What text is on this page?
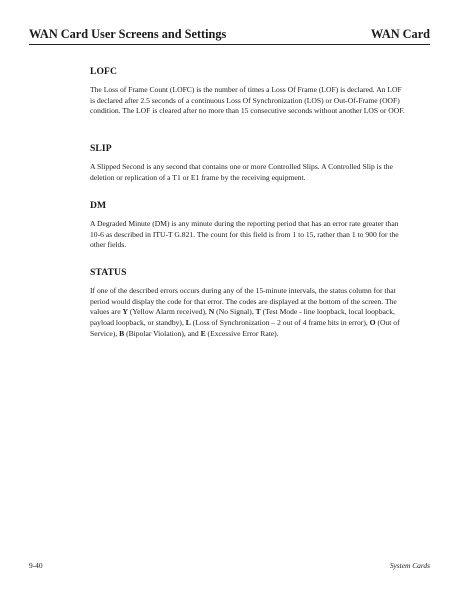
WAN Card User Screens and Settings	WAN Card
LOFC

The Loss of Frame Count (LOFC) is the number of times a Loss Of Frame (LOF) is declared. An LOF is declared after 2.5 seconds of a continuous Loss Of Synchronization (LOS) or Out-Of-Frame (OOF) condition. The LOF is cleared after no more than 15 consecutive seconds without another LOS or OOF.

SLIP

A Slipped Second is any second that contains one or more Controlled Slips. A Controlled Slip is the deletion or replication of a T1 or E1 frame by the receiving equipment.

DM

A Degraded Minute (DM) is any minute during the reporting period that has an error rate greater than 10-6 as described in ITU-T G.821. The count for this field is from 1 to 15, rather than 1 to 900 for the other fields.

STATUS

If one of the described errors occurs during any of the 15-minute intervals, the status column for that period would display the code for that error. The codes are displayed at the bottom of the screen. The values are Y (Yellow Alarm received), N (No Signal), T (Test Mode - line loopback, local loopback, payload loopback, or standby), L (Loss of Synchronization – 2 out of 4 frame bits in error), O (Out of Service), B (Bipolar Violation), and E (Excessive Error Rate).

9-40	System Cards
